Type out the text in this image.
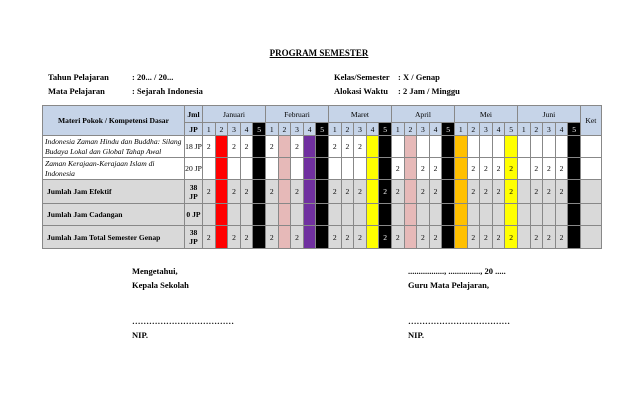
PROGRAM SEMESTER
Tahun Pelajaran	: 20... / 20...
Mata Pelajaran	: Sejarah Indonesia
Kelas/Semester : X / Genap
Alokasi Waktu	: 2 Jam / Minggu
Materi Pokok / Kompetensi Dasar	Jml	Januari					Februari					Maret					April					Mei					Juni					Ket
	JP	1	2	3	4	5	1	2	3	4	5	1	2	3	4	5	1	2	3	4	5	1	2	3	4	5	1	2	3	4	5	
Indonesia Zaman Hindu dan Buddha: Silang Budaya Lokal dan Global Tahap Awal	18 JP	2		2	2		2		2			2	2	2																		
Zaman Kerajaan-Kerajaan Islam di Indonesia	20 JP																2		2	2			2	2	2	2		2	2	2		
Jumlah Jam Efektif	38 JP	2		2	2		2		2			2	2	2		2	2		2	2			2	2	2	2		2	2	2		
Jumlah Jam Cadangan	0 JP																															
Jumlah Jam Total Semester Genap	38 JP	2		2	2		2		2			2	2	2		2	2		2	2			2	2	2	2		2	2	2		
Mengetahui,
Kepala Sekolah
………………………………
NIP.
................., ..............., 20 .....
Guru Mata Pelajaran,
………………………………
NIP.
